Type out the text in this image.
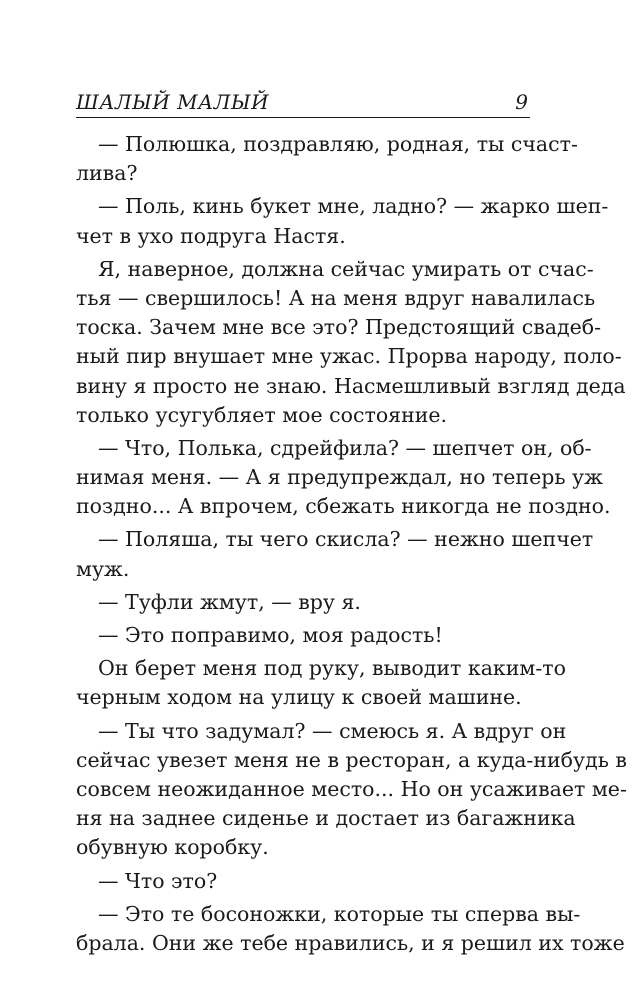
ШАЛЫЙ МАЛЫЙ	9
— Полюшка, поздравляю, родная, ты счаст-
лива?
— Поль, кинь букет мне, ладно? — жарко шеп-
чет в ухо подруга Настя.
Я, наверное, должна сейчас умирать от счас-
тья — свершилось! А на меня вдруг навалилась
тоска. Зачем мне все это? Предстоящий свадеб-
ный пир внушает мне ужас. Прорва народу, поло-
вину я просто не знаю. Насмешливый взгляд деда
только усугубляет мое состояние.
— Что, Полька, сдрейфила? — шепчет он, об-
нимая меня. — А я предупреждал, но теперь уж
поздно... А впрочем, сбежать никогда не поздно.
— Поляша, ты чего скисла? — нежно шепчет
муж.
— Туфли жмут, — вру я.
— Это поправимо, моя радость!
Он берет меня под руку, выводит каким-то
черным ходом на улицу к своей машине.
— Ты что задумал? — смеюсь я. А вдруг он
сейчас увезет меня не в ресторан, а куда-нибудь в
совсем неожиданное место... Но он усаживает ме-
ня на заднее сиденье и достает из багажника
обувную коробку.
— Что это?
— Это те босоножки, которые ты сперва вы-
брала. Они же тебе нравились, и я решил их тоже
